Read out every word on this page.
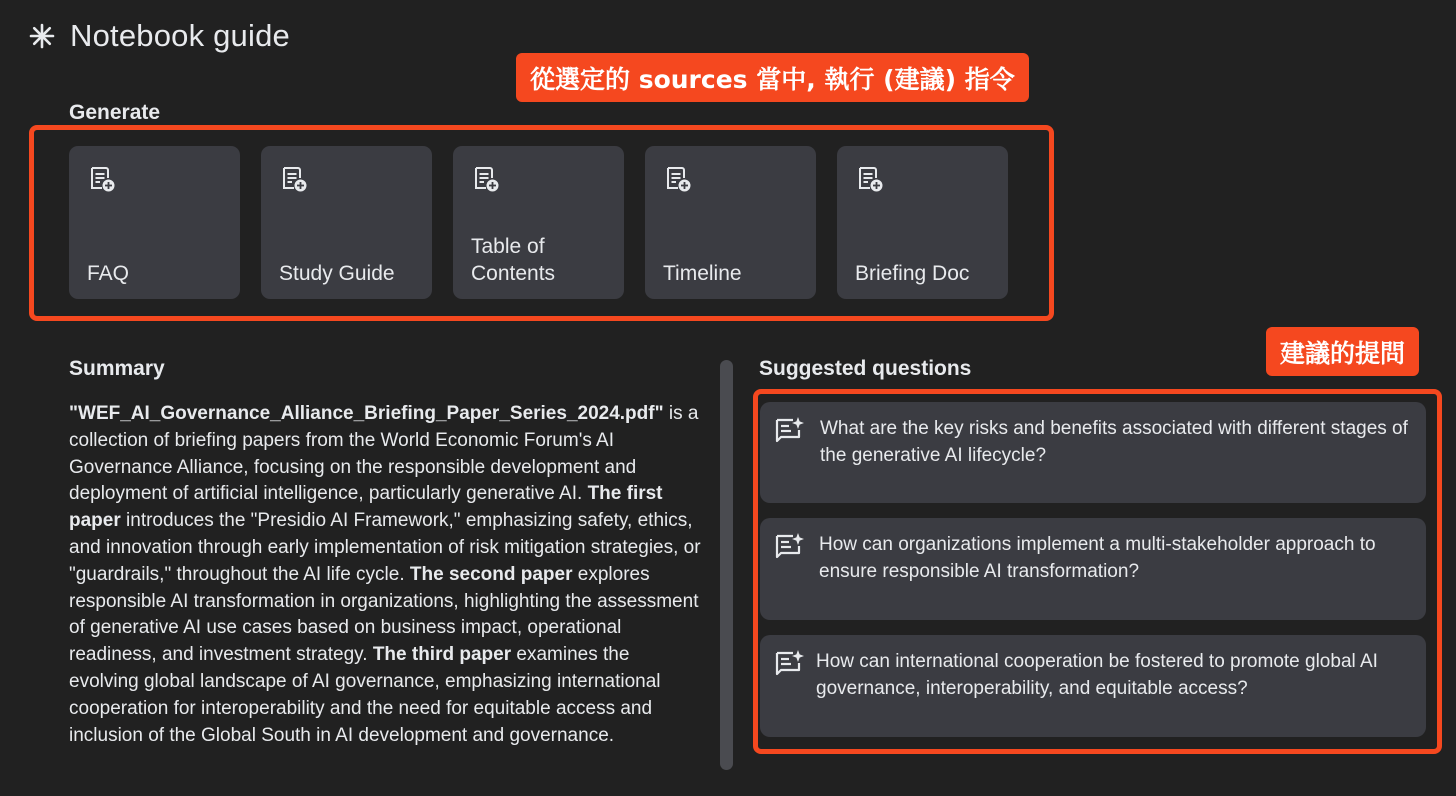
Notebook guide
從選定的 sources 當中, 執行 (建議) 指令
Generate
FAQ	Study Guide
Table of Contents	Timeline	Briefing Doc
Summary
"WEF_AI_Governance_Alliance_Briefing_Paper_Series_2024.pdf" is a collection of briefing papers from the World Economic Forum's AI Governance Alliance, focusing on the responsible development and deployment of artificial intelligence, particularly generative AI. The first paper introduces the "Presidio AI Framework," emphasizing safety, ethics, and innovation through early implementation of risk mitigation strategies, or "guardrails," throughout the AI life cycle. The second paper explores responsible AI transformation in organizations, highlighting the assessment of generative AI use cases based on business impact, operational readiness, and investment strategy. The third paper examines the evolving global landscape of AI governance, emphasizing international cooperation for interoperability and the need for equitable access and inclusion of the Global South in AI development and governance.
Suggested questions
建議的提問
What are the key risks and benefits associated with different stages of the generative AI lifecycle?
How can organizations implement a multi-stakeholder approach to ensure responsible AI transformation?
How can international cooperation be fostered to promote global AI governance, interoperability, and equitable access?
